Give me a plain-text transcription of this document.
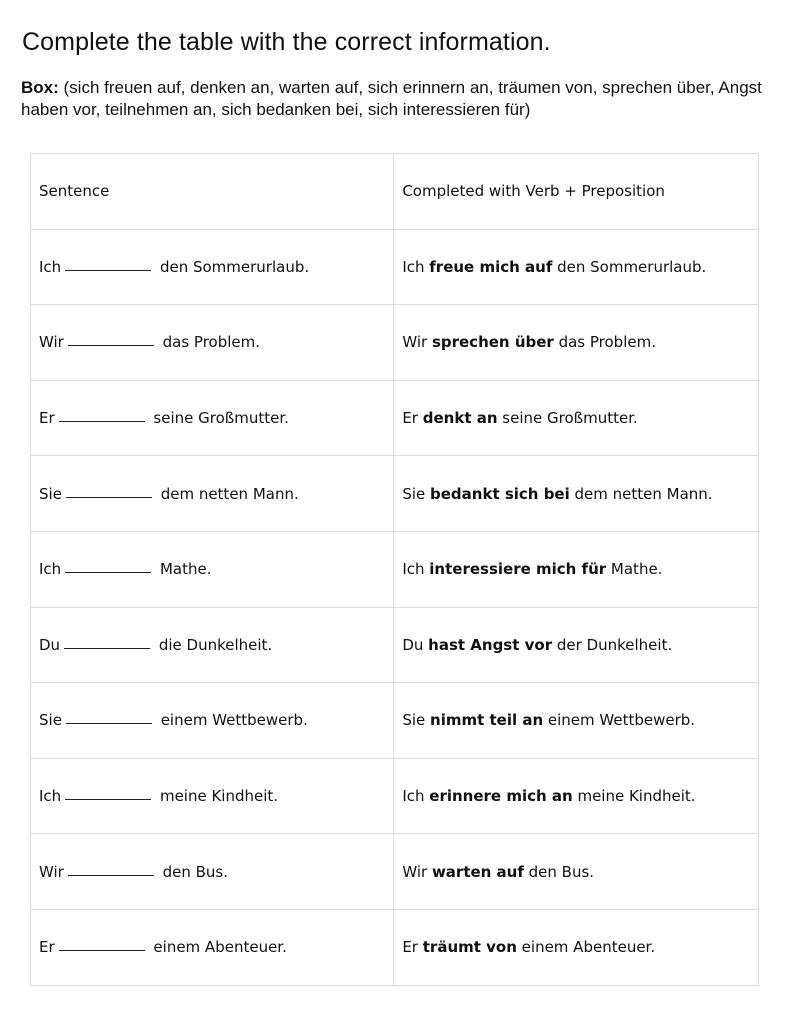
Complete the table with the correct information.
Box: (sich freuen auf, denken an, warten auf, sich erinnern an, träumen von, sprechen über, Angst haben vor, teilnehmen an, sich bedanken bei, sich interessieren für)
Sentence	Completed with Verb + Preposition
Ich den Sommerurlaub.	Ich freue mich auf den Sommerurlaub.
Wir das Problem.	Wir sprechen über das Problem.
Er seine Großmutter.	Er denkt an seine Großmutter.
Sie dem netten Mann.	Sie bedankt sich bei dem netten Mann.
Ich Mathe.	Ich interessiere mich für Mathe.
Du die Dunkelheit.	Du hast Angst vor der Dunkelheit.
Sie einem Wettbewerb.	Sie nimmt teil an einem Wettbewerb.
Ich meine Kindheit.	Ich erinnere mich an meine Kindheit.
Wir den Bus.	Wir warten auf den Bus.
Er einem Abenteuer.	Er träumt von einem Abenteuer.
